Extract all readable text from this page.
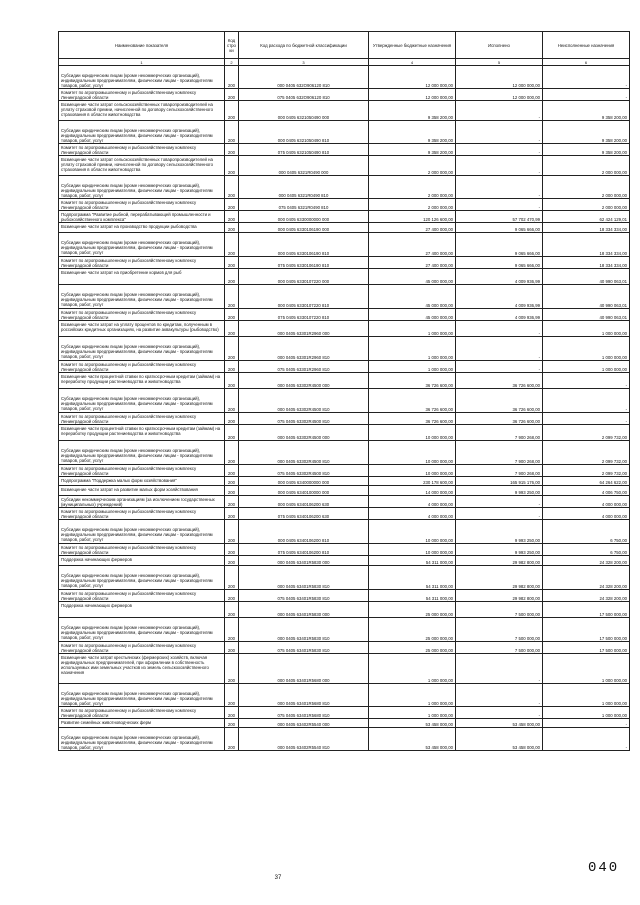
Наименование показателя	Код стро ки	Код расхода по бюджетной классификации	Утвержденные бюджетные назначения	Исполнено	Неисполненные назначения
1	2	3	4	5	6
Субсидии юридическим лицам (кроме некоммерческих организаций), индивидуальным предпринимателям, физическим лицам - производителям товаров, работ, услуг	200	000 0405 632О906120 810	12 000 000,00	12 000 000,00	-
Комитет по агропромышленному и рыбохозяйственному комплексу Ленинградской области	200	075 0405 632О906120 810	12 000 000,00	12 000 000,00	-
Возмещение части затрат сельскохозяйственных товаропроизводителей на уплату страховой премии, начисленной по договору сельскохозяйственного страхования в области животноводства	200	000 0405 6321050490 000	9 358 200,00	-	9 358 200,00
Субсидии юридическим лицам (кроме некоммерческих организаций), индивидуальным предпринимателям, физическим лицам - производителям товаров, работ, услуг	200	000 0405 6321050490 810	9 358 200,00	-	9 358 200,00
Комитет по агропромышленному и рыбохозяйственному комплексу Ленинградской области	200	075 0405 6321050490 810	9 358 200,00	-	9 358 200,00
Возмещение части затрат сельскохозяйственных товаропроизводителей на уплату страховой премии, начисленной по договору сельскохозяйственного страхования в области животноводства	200	000 0405 6321R0490 000	2 000 000,00	-	2 000 000,00
Субсидии юридическим лицам (кроме некоммерческих организаций), индивидуальным предпринимателям, физическим лицам - производителям товаров, работ, услуг	200	000 0405 6321R0490 810	2 000 000,00	-	2 000 000,00
Комитет по агропромышленному и рыбохозяйственному комплексу Ленинградской области	200	075 0405 6321R0490 810	2 000 000,00	-	2 000 000,00
Подпрограмма "Развитие рыбной, перерабатывающей промышленности и рыбохозяйственного комплекса"	200	000 0405 6330000000 000	120 126 600,00	57 702 470,99	62 424 129,01
Возмещение части затрат на производство продукции рыбоводства	200	000 0405 6330106190 000	27 400 000,00	9 065 666,00	18 334 334,00
Субсидии юридическим лицам (кроме некоммерческих организаций), индивидуальным предпринимателям, физическим лицам - производителям товаров, работ, услуг	200	000 0405 6330106190 810	27 400 000,00	9 065 666,00	18 334 334,00
Комитет по агропромышленному и рыбохозяйственному комплексу Ленинградской области	200	075 0405 6330106190 810	27 400 000,00	9 065 666,00	18 334 334,00
Возмещение части затрат на приобретение кормов для рыб	200	000 0405 6330107220 000	45 000 000,00	4 009 936,99	40 990 063,01
Субсидии юридическим лицам (кроме некоммерческих организаций), индивидуальным предпринимателям, физическим лицам - производителям товаров, работ, услуг	200	000 0405 6330107220 810	45 000 000,00	4 009 936,99	40 990 063,01
Комитет по агропромышленному и рыбохозяйственному комплексу Ленинградской области	200	075 0405 6330107220 810	45 000 000,00	4 009 936,99	40 990 063,01
Возмещение части затрат на уплату процентов по кредитам, полученным в российских кредитных организациях, на развитие аквакультуры (рыбоводство)	200	000 0405 63301R2960 000	1 000 000,00	-	1 000 000,00
Субсидии юридическим лицам (кроме некоммерческих организаций), индивидуальным предпринимателям, физическим лицам - производителям товаров, работ, услуг	200	000 0405 63301R2960 810	1 000 000,00	-	1 000 000,00
Комитет по агропромышленному и рыбохозяйственному комплексу Ленинградской области	200	075 0405 63301R2960 810	1 000 000,00	-	1 000 000,00
Возмещение части процентной ставки по краткосрочным кредитам (займам) на переработку продукции растениеводства и животноводства	200	000 0405 63302R4500 000	36 726 600,00	36 726 600,00	-
Субсидии юридическим лицам (кроме некоммерческих организаций), индивидуальным предпринимателям, физическим лицам - производителям товаров, работ, услуг	200	000 0405 63302R4500 810	36 726 600,00	36 726 600,00	-
Комитет по агропромышленному и рыбохозяйственному комплексу Ленинградской области	200	075 0405 63302R4500 810	36 726 600,00	36 726 600,00	-
Возмещение части процентной ставки по краткосрочным кредитам (займам) на переработку продукции растениеводства и животноводства	200	000 0405 63302R4500 000	10 000 000,00	7 900 268,00	2 099 732,00
Субсидии юридическим лицам (кроме некоммерческих организаций), индивидуальным предпринимателям, физическим лицам - производителям товаров, работ, услуг	200	000 0405 63302R4500 810	10 000 000,00	7 900 268,00	2 099 732,00
Комитет по агропромышленному и рыбохозяйственному комплексу Ленинградской области	200	075 0405 63302R4500 810	10 000 000,00	7 900 268,00	2 099 732,00
Подпрограмма "Поддержка малых форм хозяйствования"	200	000 0405 6340000000 000	230 178 600,00	165 915 176,00	64 264 622,00
Возмещение части затрат на развитие малых форм хозяйствования	200	000 0405 6340100000 000	14 000 000,00	9 993 250,00	4 006 750,00
Субсидии некоммерческим организациям (за исключением государственных (муниципальных) учреждений)	200	000 0405 6340106200 630	4 000 000,00	-	4 000 000,00
Комитет по агропромышленному и рыбохозяйственному комплексу Ленинградской области	200	075 0405 6340106200 630	4 000 000,00	-	4 000 000,00
Субсидии юридическим лицам (кроме некоммерческих организаций), индивидуальным предпринимателям, физическим лицам - производителям товаров, работ, услуг	200	000 0405 6340106200 810	10 000 000,00	9 993 250,00	6 750,00
Комитет по агропромышленному и рыбохозяйственному комплексу Ленинградской области	200	075 0405 6340106200 810	10 000 000,00	9 993 250,00	6 750,00
Поддержка начинающих фермеров	200	000 0405 63401R5830 000	54 311 000,00	29 982 800,00	24 328 200,00
Субсидии юридическим лицам (кроме некоммерческих организаций), индивидуальным предпринимателям, физическим лицам - производителям товаров, работ, услуг	200	000 0405 63401R5830 810	54 311 000,00	29 982 800,00	24 328 200,00
Комитет по агропромышленному и рыбохозяйственному комплексу Ленинградской области	200	075 0405 63401R5830 810	54 311 000,00	29 982 800,00	24 328 200,00
Поддержка начинающих фермеров	200	000 0405 63401R5830 000	25 000 000,00	7 500 000,00	17 500 000,00
Субсидии юридическим лицам (кроме некоммерческих организаций), индивидуальным предпринимателям, физическим лицам - производителям товаров, работ, услуг	200	000 0405 63401R5830 810	25 000 000,00	7 500 000,00	17 500 000,00
Комитет по агропромышленному и рыбохозяйственному комплексу Ленинградской области	200	075 0405 63401R5830 810	25 000 000,00	7 500 000,00	17 500 000,00
Возмещение части затрат крестьянских (фермерских) хозяйств, включая индивидуальных предпринимателей, при оформлении в собственность используемых ими земельных участков из земель сельскохозяйственного назначения	200	000 0405 63401R5680 000	1 000 000,00	-	1 000 000,00
Субсидии юридическим лицам (кроме некоммерческих организаций), индивидуальным предпринимателям, физическим лицам - производителям товаров, работ, услуг	200	000 0405 63401R5680 810	1 000 000,00	-	1 000 000,00
Комитет по агропромышленному и рыбохозяйственному комплексу Ленинградской области	200	075 0405 63401R5680 810	1 000 000,00	-	1 000 000,00
Развитие семейных животноводческих ферм	200	000 0405 63402R5540 000	53 458 000,00	53 458 000,00	-
Субсидии юридическим лицам (кроме некоммерческих организаций), индивидуальным предпринимателям, физическим лицам - производителям товаров, работ, услуг	200	000 0405 63402R5540 810	53 458 000,00	53 458 000,00	-
37
040
